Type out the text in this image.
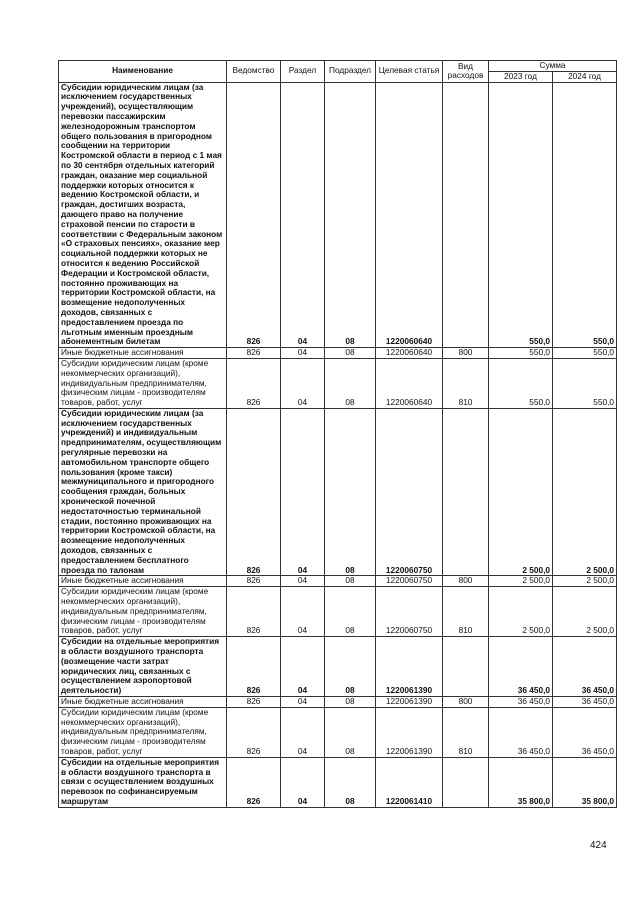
Наименование	Ведомство	Раздел	Подраздел	Целевая статья	Вид расходов	Сумма	
						2023 год	2024 год
Субсидии юридическим лицам (за исключением государственных учреждений), осуществляющим перевозки пассажирским железнодорожным транспортом общего пользования в пригородном сообщении на территории Костромской области в период с 1 мая по 30 сентября отдельных категорий граждан, оказание мер социальной поддержки которых относится к ведению Костромской области, и граждан, достигших возраста, дающего право на получение страховой пенсии по старости в соответствии с Федеральным законом «О страховых пенсиях», оказание мер социальной поддержки которых не относится к ведению Российской Федерации и Костромской области, постоянно проживающих на территории Костромской области, на возмещение недополученных доходов, связанных с предоставлением проезда по льготным именным проездным абонементным билетам	826	04	08	1220060640		550,0	550,0
Иные бюджетные ассигнования	826	04	08	1220060640	800	550,0	550,0
Субсидии юридическим лицам (кроме некоммерческих организаций), индивидуальным предпринимателям, физическим лицам - производителям товаров, работ, услуг	826	04	08	1220060640	810	550,0	550,0
Субсидии юридическим лицам (за исключением государственных учреждений) и индивидуальным предпринимателям, осуществляющим регулярные перевозки на автомобильном транспорте общего пользования (кроме такси) межмуниципального и пригородного сообщения граждан, больных хронической почечной недостаточностью терминальной стадии, постоянно проживающих на территории Костромской области, на возмещение недополученных доходов, связанных с предоставлением бесплатного проезда по талонам	826	04	08	1220060750		2 500,0	2 500,0
Иные бюджетные ассигнования	826	04	08	1220060750	800	2 500,0	2 500,0
Субсидии юридическим лицам (кроме некоммерческих организаций), индивидуальным предпринимателям, физическим лицам - производителям товаров, работ, услуг	826	04	08	1220060750	810	2 500,0	2 500,0
Субсидии на отдельные мероприятия в области воздушного транспорта (возмещение части затрат юридических лиц, связанных с осуществлением аэропортовой деятельности)	826	04	08	1220061390		36 450,0	36 450,0
Иные бюджетные ассигнования	826	04	08	1220061390	800	36 450,0	36 450,0
Субсидии юридическим лицам (кроме некоммерческих организаций), индивидуальным предпринимателям, физическим лицам - производителям товаров, работ, услуг	826	04	08	1220061390	810	36 450,0	36 450,0
Субсидии на отдельные мероприятия в области воздушного транспорта в связи с осуществлением воздушных перевозок по софинансируемым маршрутам	826	04	08	1220061410		35 800,0	35 800,0
424
